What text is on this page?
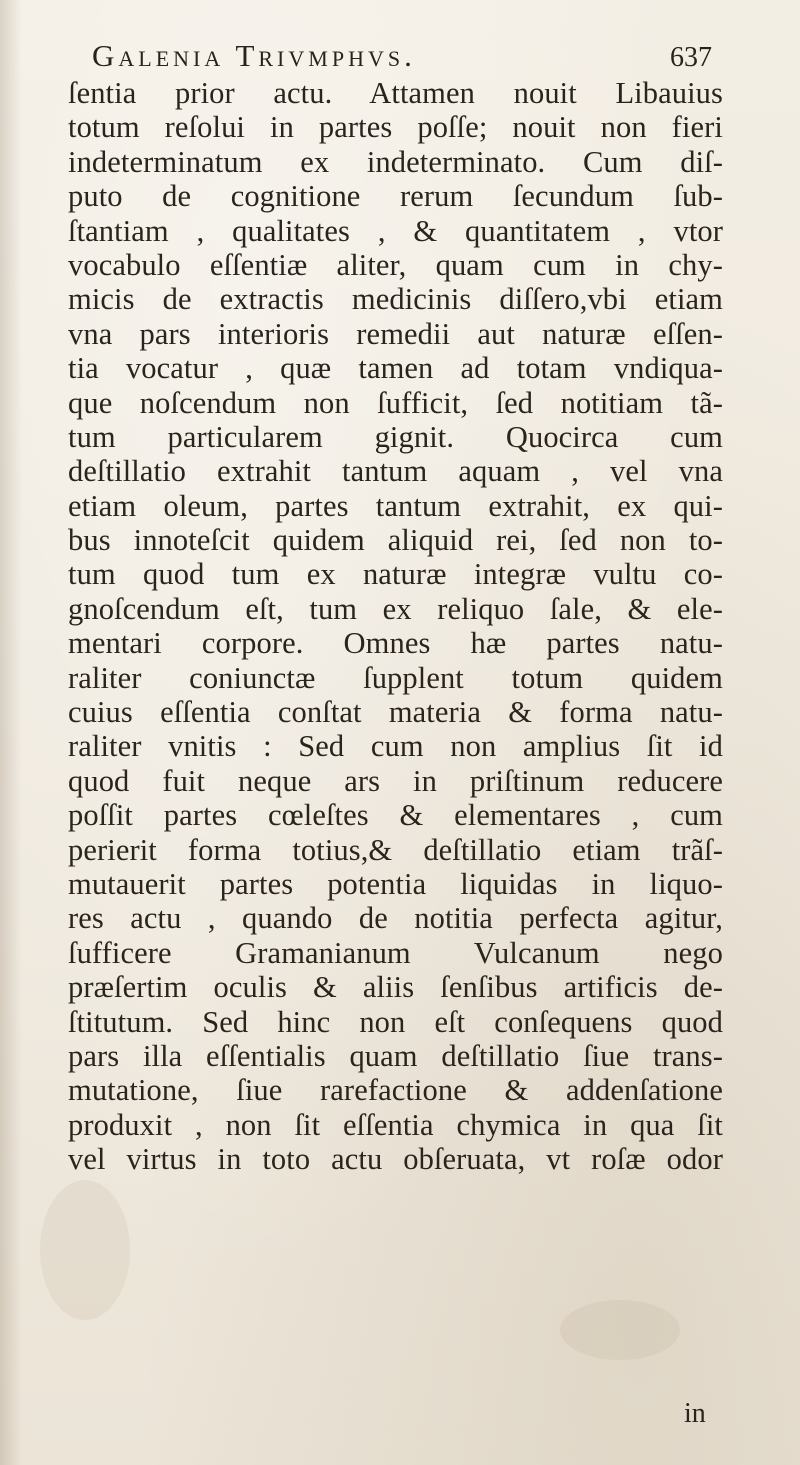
Galenia Trivmphvs.	637
ſentia prior actu. Attamen nouit Libauius
totum reſolui in partes poſſe; nouit non fieri
indeterminatum ex indeterminato. Cum diſ-
puto de cognitione rerum ſecundum ſub-
ſtantiam , qualitates , & quantitatem , vtor
vocabulo eſſentiæ aliter, quam cum in chy-
micis de extractis medicinis diſſero,vbi etiam
vna pars interioris remedii aut naturæ eſſen-
tia vocatur , quæ tamen ad totam vndiqua-
que noſcendum non ſufficit, ſed notitiam tã-
tum particularem gignit. Quocirca cum
deſtillatio extrahit tantum aquam , vel vna
etiam oleum, partes tantum extrahit, ex qui-
bus innoteſcit quidem aliquid rei, ſed non to-
tum quod tum ex naturæ integræ vultu co-
gnoſcendum eſt, tum ex reliquo ſale, & ele-
mentari corpore. Omnes hæ partes natu-
raliter coniunctæ ſupplent totum quidem
cuius eſſentia conſtat materia & forma natu-
raliter vnitis : Sed cum non amplius ſit id
quod fuit neque ars in priſtinum reducere
poſſit partes cœleſtes & elementares , cum
perierit forma totius,& deſtillatio etiam trãſ-
mutauerit partes potentia liquidas in liquo-
res actu , quando de notitia perfecta agitur,
ſufficere Gramanianum Vulcanum nego
præſertim oculis & aliis ſenſibus artificis de-
ſtitutum. Sed hinc non eſt conſequens quod
pars illa eſſentialis quam deſtillatio ſiue trans-
mutatione, ſiue rarefactione & addenſatione
produxit , non ſit eſſentia chymica in qua ſit
vel virtus in toto actu obſeruata, vt roſæ odor
in
